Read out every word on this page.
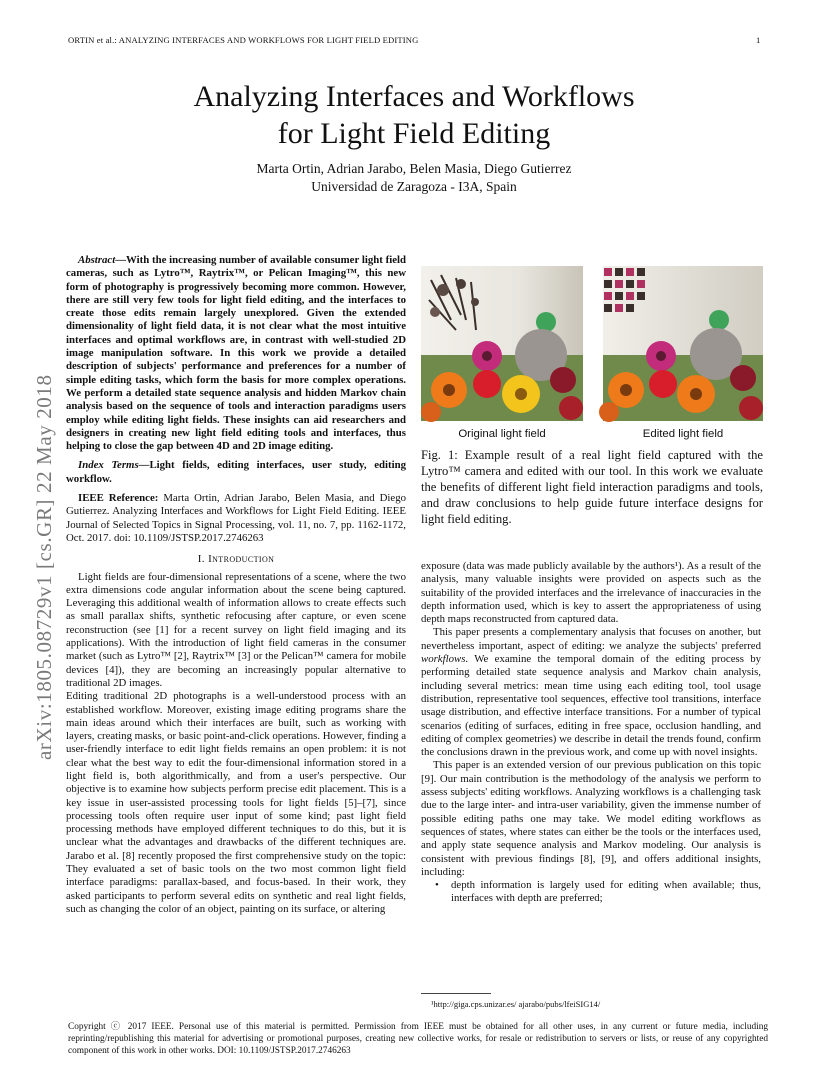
ORTIN et al.: ANALYZING INTERFACES AND WORKFLOWS FOR LIGHT FIELD EDITING	1
Analyzing Interfaces and Workflows
for Light Field Editing
Marta Ortin, Adrian Jarabo, Belen Masia, Diego Gutierrez
Universidad de Zaragoza - I3A, Spain
arXiv:1805.08729v1 [cs.GR] 22 May 2018

Abstract—With the increasing number of available consumer light field cameras, such as Lytro™, Raytrix™, or Pelican Imaging™, this new form of photography is progressively becoming more common. However, there are still very few tools for light field editing, and the interfaces to create those edits remain largely unexplored. Given the extended dimensionality of light field data, it is not clear what the most intuitive interfaces and optimal workflows are, in contrast with well-studied 2D image manipulation software. In this work we provide a detailed description of subjects' performance and preferences for a number of simple editing tasks, which form the basis for more complex operations. We perform a detailed state sequence analysis and hidden Markov chain analysis based on the sequence of tools and interaction paradigms users employ while editing light fields. These insights can aid researchers and designers in creating new light field editing tools and interfaces, thus helping to close the gap between 4D and 2D image editing.

Index Terms—Light fields, editing interfaces, user study, editing workflow.

IEEE Reference: Marta Ortin, Adrian Jarabo, Belen Masia, and Diego Gutierrez. Analyzing Interfaces and Workflows for Light Field Editing. IEEE Journal of Selected Topics in Signal Processing, vol. 11, no. 7, pp. 1162-1172, Oct. 2017. doi: 10.1109/JSTSP.2017.2746263

I. Introduction

Light fields are four-dimensional representations of a scene, where the two extra dimensions code angular information about the scene being captured. Leveraging this additional wealth of information allows to create effects such as small parallax shifts, synthetic refocusing after capture, or even scene reconstruction (see [1] for a recent survey on light field imaging and its applications). With the introduction of light field cameras in the consumer market (such as Lytro™ [2], Raytrix™ [3] or the Pelican™ camera for mobile devices [4]), they are becoming an increasingly popular alternative to traditional 2D images.

Editing traditional 2D photographs is a well-understood process with an established workflow. Moreover, existing image editing programs share the main ideas around which their interfaces are built, such as working with layers, creating masks, or basic point-and-click operations. However, finding a user-friendly interface to edit light fields remains an open problem: it is not clear what the best way to edit the four-dimensional information stored in a light field is, both algorithmically, and from a user's perspective. Our objective is to examine how subjects perform precise edit placement. This is a key issue in user-assisted processing tools for light fields [5]–[7], since processing tools often require user input of some kind; past light field processing methods have employed different techniques to do this, but it is unclear what the advantages and drawbacks of the different techniques are. Jarabo et al. [8] recently proposed the first comprehensive study on the topic: They evaluated a set of basic tools on the two most common light field interface paradigms: parallax-based, and focus-based. In their work, they asked participants to perform several edits on synthetic and real light fields, such as changing the color of an object, painting on its surface, or altering

Original light field	Edited light field

Fig. 1: Example result of a real light field captured with the Lytro™ camera and edited with our tool. In this work we evaluate the benefits of different light field interaction paradigms and tools, and draw conclusions to help guide future interface designs for light field editing.

exposure (data was made publicly available by the authors¹). As a result of the analysis, many valuable insights were provided on aspects such as the suitability of the provided interfaces and the irrelevance of inaccuracies in the depth information used, which is key to assert the appropriateness of using depth maps reconstructed from captured data.

This paper presents a complementary analysis that focuses on another, but nevertheless important, aspect of editing: we analyze the subjects' preferred workflows. We examine the temporal domain of the editing process by performing detailed state sequence analysis and Markov chain analysis, including several metrics: mean time using each editing tool, tool usage distribution, representative tool sequences, effective tool transitions, interface usage distribution, and effective interface transitions. For a number of typical scenarios (editing of surfaces, editing in free space, occlusion handling, and editing of complex geometries) we describe in detail the trends found, confirm the conclusions drawn in the previous work, and come up with novel insights.

This paper is an extended version of our previous publication on this topic [9]. Our main contribution is the methodology of the analysis we perform to assess subjects' editing workflows. Analyzing workflows is a challenging task due to the large inter- and intra-user variability, given the immense number of possible editing paths one may take. We model editing workflows as sequences of states, where states can either be the tools or the interfaces used, and apply state sequence analysis and Markov modeling. Our analysis is consistent with previous findings [8], [9], and offers additional insights, including:

• depth information is largely used for editing when available; thus, interfaces with depth are preferred;

¹http://giga.cps.unizar.es/ ajarabo/pubs/lfeiSIG14/
Copyright ⓒ 2017 IEEE. Personal use of this material is permitted. Permission from IEEE must be obtained for all other uses, in any current or future media, including reprinting/republishing this material for advertising or promotional purposes, creating new collective works, for resale or redistribution to servers or lists, or reuse of any copyrighted component of this work in other works. DOI: 10.1109/JSTSP.2017.2746263
